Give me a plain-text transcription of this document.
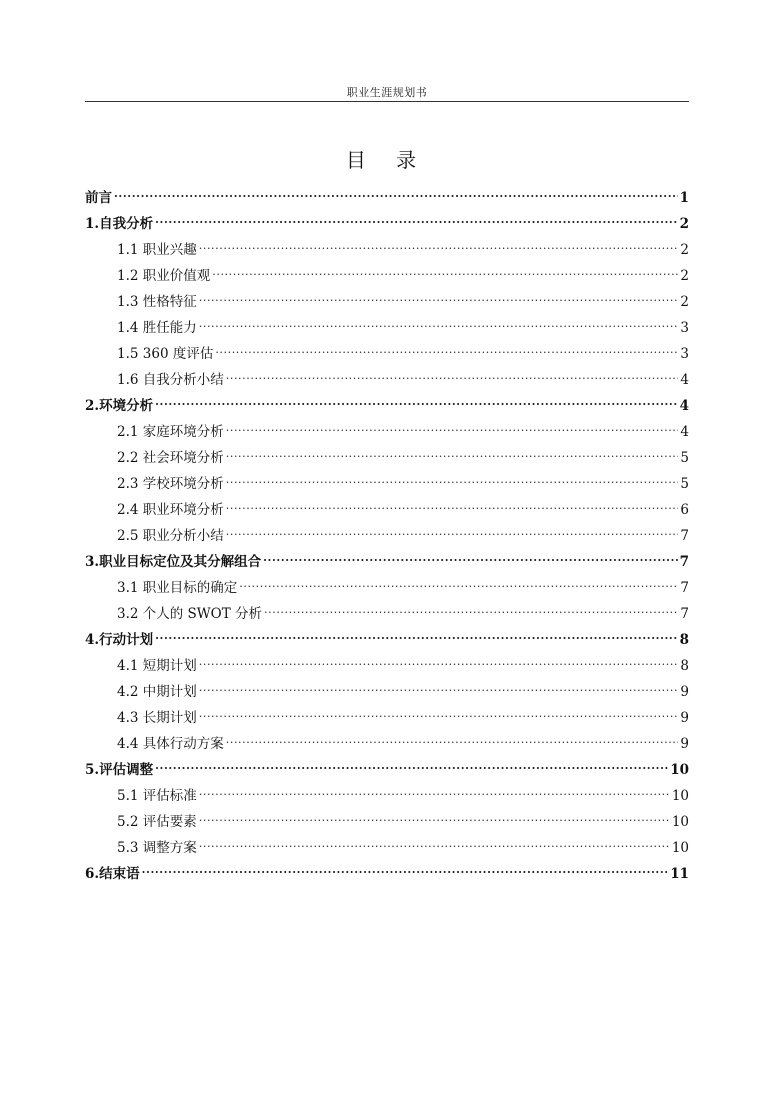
职业生涯规划书
目 录
前言 .....	1
1.自我分析 .....	2
1.1 职业兴趣 .....	2
1.2 职业价值观 .....	2
1.3 性格特征 .....	2
1.4 胜任能力 .....	3
1.5 360 度评估 .....	3
1.6 自我分析小结 .....	4
2.环境分析 .....	4
2.1 家庭环境分析 .....	4
2.2 社会环境分析 .....	5
2.3 学校环境分析 .....	5
2.4 职业环境分析 .....	6
2.5 职业分析小结 .....	7
3.职业目标定位及其分解组合 .....	7
3.1 职业目标的确定 .....	7
3.2 个人的 SWOT 分析 .....	7
4.行动计划 .....	8
4.1 短期计划 .....	8
4.2 中期计划 .....	9
4.3 长期计划 .....	9
4.4 具体行动方案 .....	9
5.评估调整 .....	10
5.1 评估标准 .....	10
5.2 评估要素 .....	10
5.3 调整方案 .....	10
6.结束语 .....	11
